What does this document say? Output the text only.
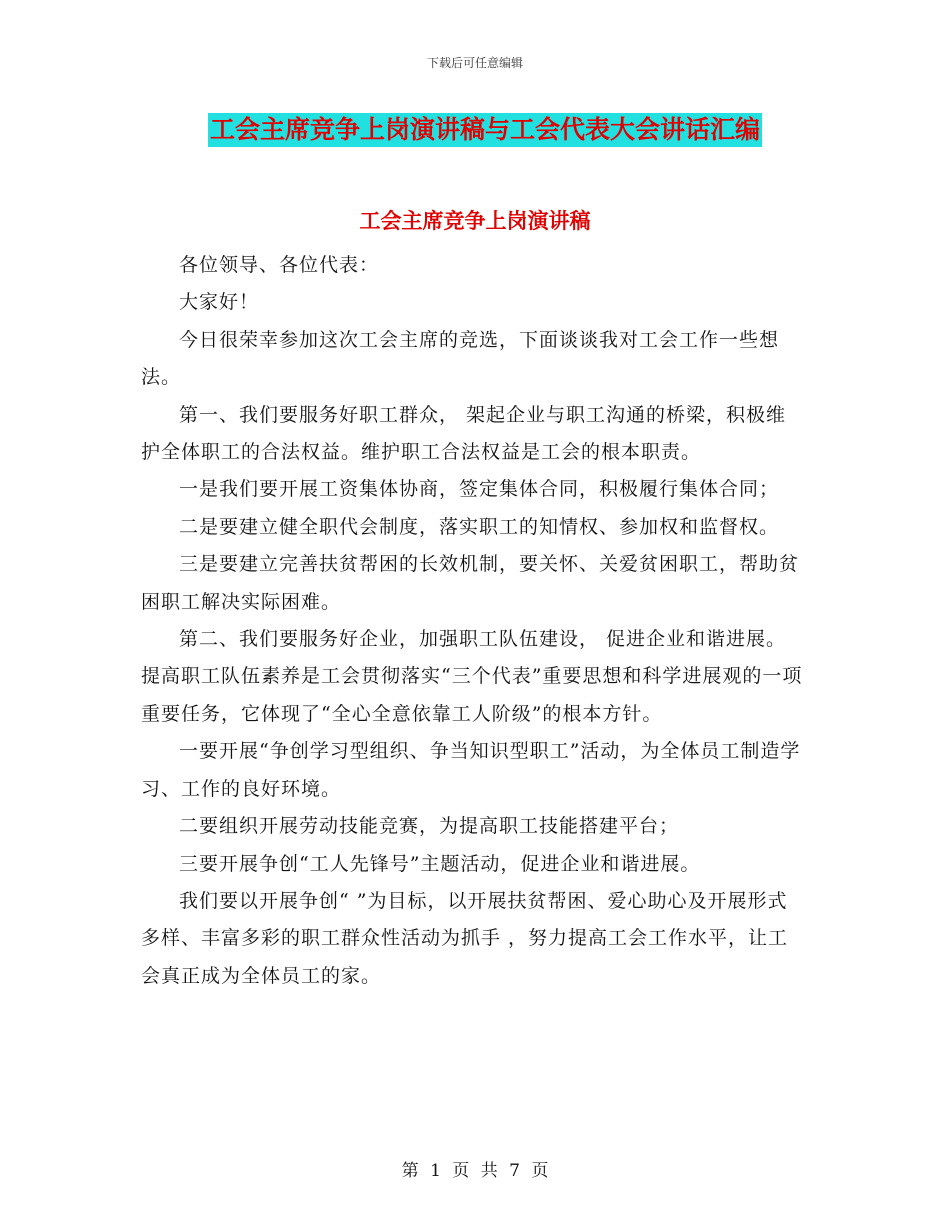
下载后可任意编辑
工会主席竞争上岗演讲稿与工会代表大会讲话汇编
工会主席竞争上岗演讲稿

各位领导、各位代表：

大家好！

今日很荣幸参加这次工会主席的竞选，下面谈谈我对工会工作一些想法。

第一、我们要服务好职工群众， 架起企业与职工沟通的桥梁，积极维护全体职工的合法权益。维护职工合法权益是工会的根本职责。

一是我们要开展工资集体协商，签定集体合同，积极履行集体合同；

二是要建立健全职代会制度，落实职工的知情权、参加权和监督权。

三是要建立完善扶贫帮困的长效机制，要关怀、关爱贫困职工，帮助贫困职工解决实际困难。

第二、我们要服务好企业，加强职工队伍建设， 促进企业和谐进展。提高职工队伍素养是工会贯彻落实“三个代表”重要思想和科学进展观的一项重要任务，它体现了“全心全意依靠工人阶级”的根本方针。

一要开展“争创学习型组织、争当知识型职工”活动，为全体员工制造学习、工作的良好环境。

二要组织开展劳动技能竞赛，为提高职工技能搭建平台；

三要开展争创“工人先锋号”主题活动，促进企业和谐进展。

我们要以开展争创“ ”为目标，以开展扶贫帮困、爱心助心及开展形式多样、丰富多彩的职工群众性活动为抓手 ，努力提高工会工作水平，让工会真正成为全体员工的家。

第 1 页 共 7 页
